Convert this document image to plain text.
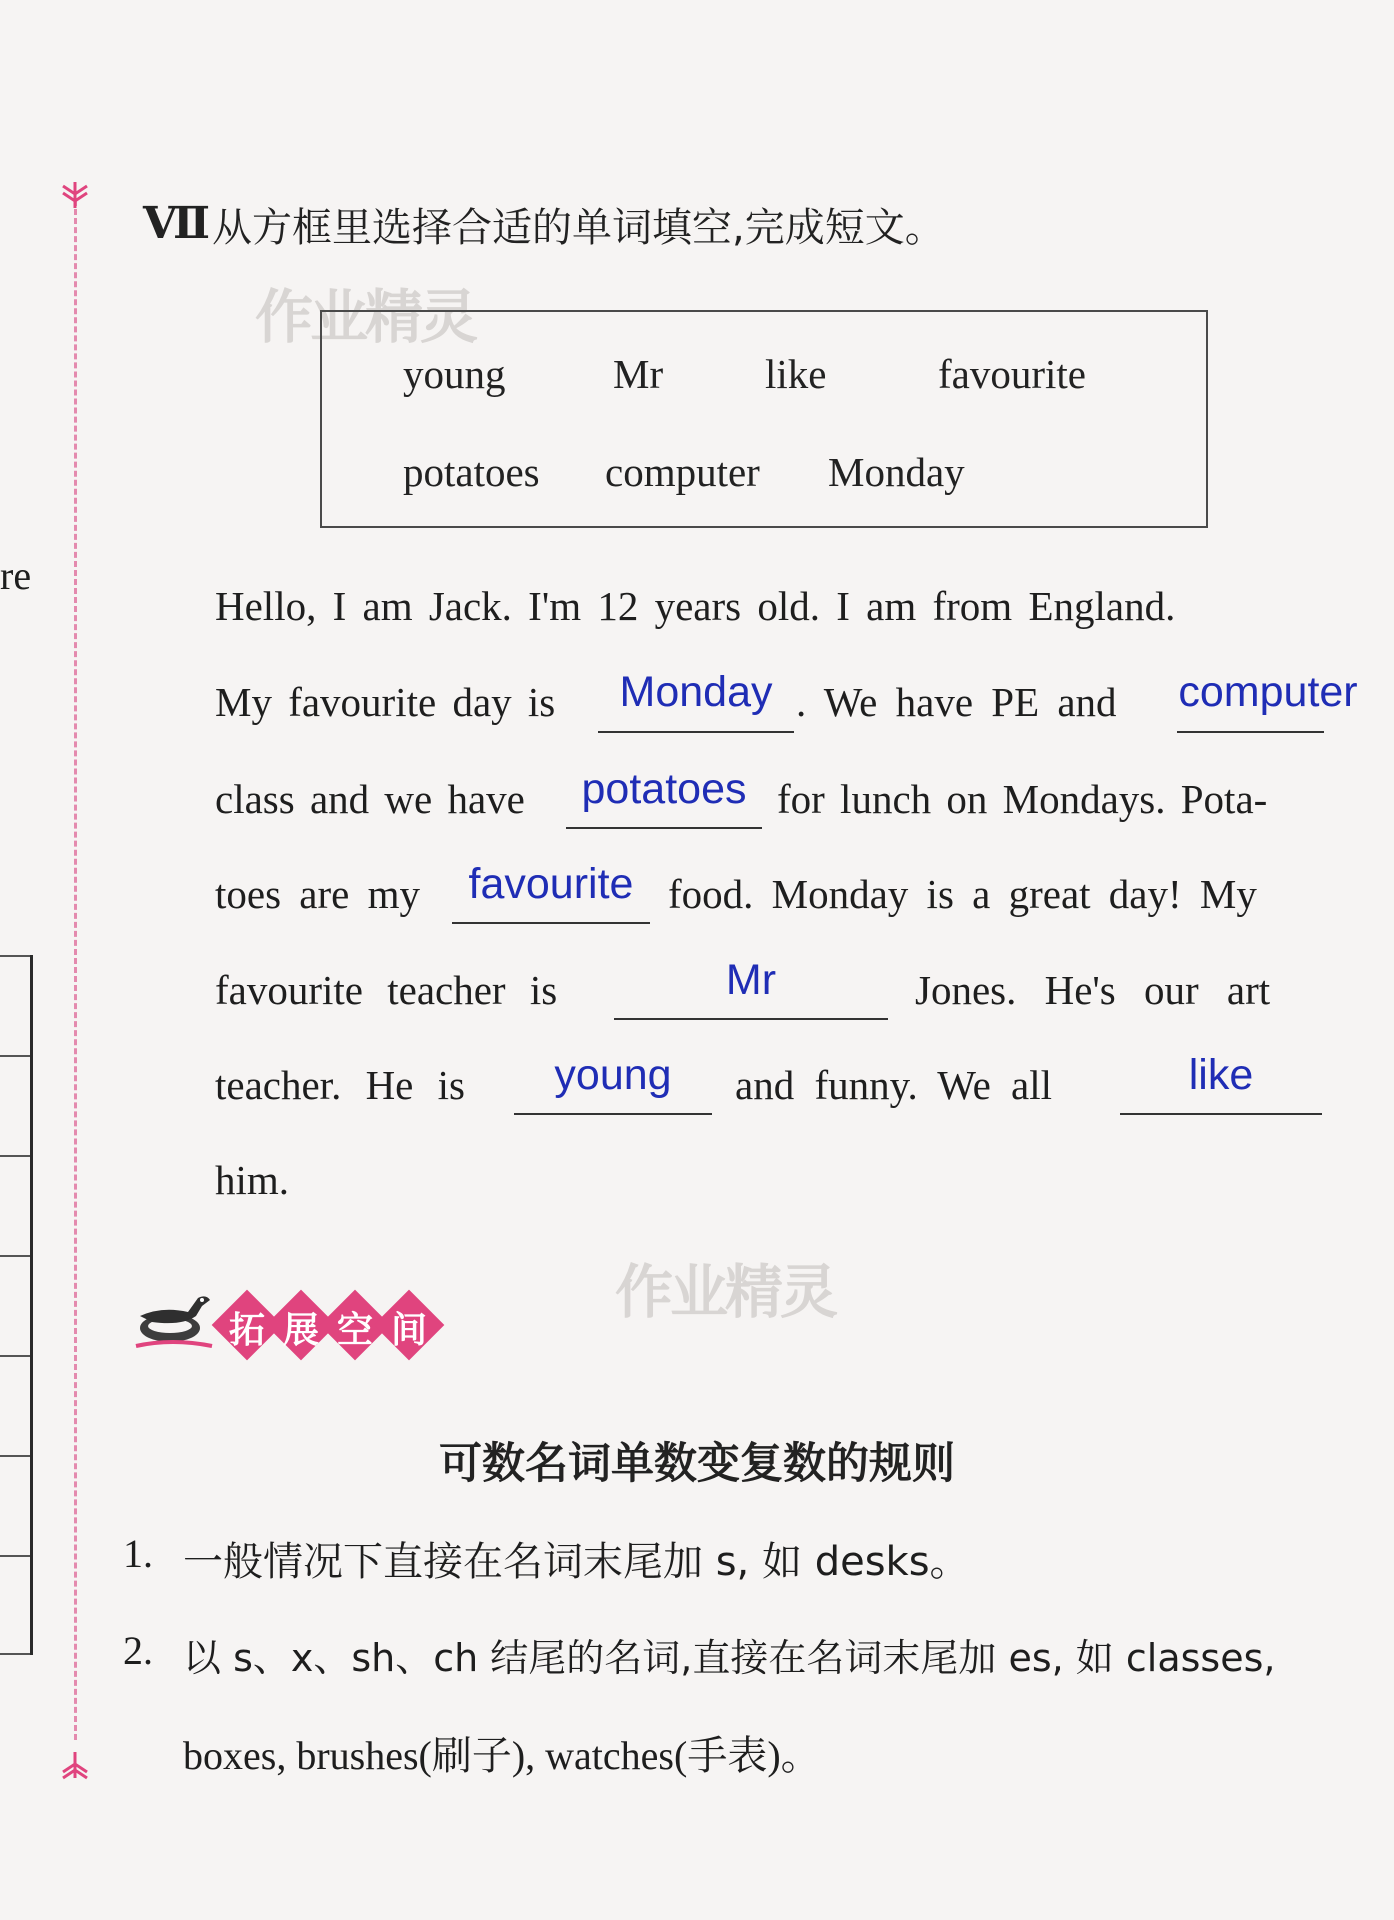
re
Ⅶ 从方框里选择合适的单词填空,完成短文。
作业精灵
作业精灵
young	Mr like	favourite
potatoes computer Monday
Hello, I am Jack. I'm 12 years old. I am from England.
My favourite day is	Monday . We have PE and computer
class and we have	potatoes for lunch on Mondays. Pota-
toes are my	favourite food. Monday is a great day! My
favourite teacher is	Mr	Jones. He's our art
teacher. He is	young	and funny. We all	like
him.
拓 展 空 间
可数名词单数变复数的规则
1. 一般情况下直接在名词末尾加 s, 如 desks。
2. 以 s、x、sh、ch 结尾的名词,直接在名词末尾加 es, 如 classes,
boxes, brushes(刷子), watches(手表)。
